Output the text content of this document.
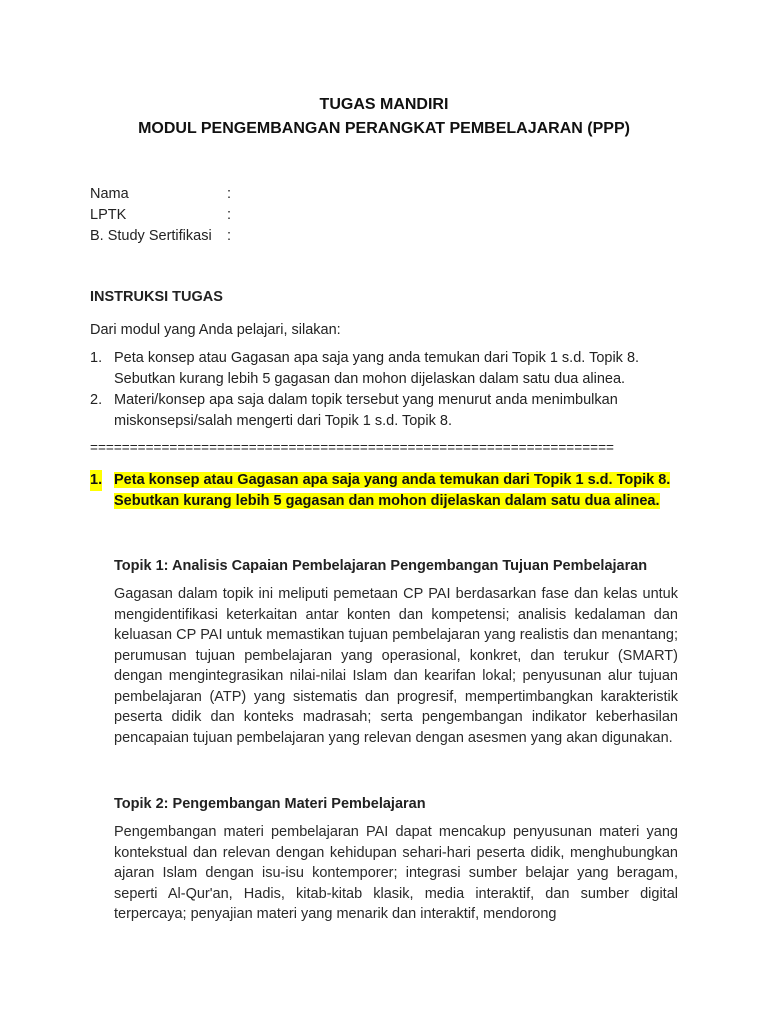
TUGAS MANDIRI
MODUL PENGEMBANGAN PERANGKAT PEMBELAJARAN (PPP)
Nama	:
LPTK	:
B. Study Sertifikasi :
INSTRUKSI TUGAS
Dari modul yang Anda pelajari, silakan:
1. Peta konsep atau Gagasan apa saja yang anda temukan dari Topik 1 s.d. Topik 8. Sebutkan kurang lebih 5 gagasan dan mohon dijelaskan dalam satu dua alinea.
2. Materi/konsep apa saja dalam topik tersebut yang menurut anda menimbulkan miskonsepsi/salah mengerti dari Topik 1 s.d. Topik 8.
==================================================================
1. Peta konsep atau Gagasan apa saja yang anda temukan dari Topik 1 s.d. Topik 8. Sebutkan kurang lebih 5 gagasan dan mohon dijelaskan dalam satu dua alinea.
Topik 1: Analisis Capaian Pembelajaran Pengembangan Tujuan Pembelajaran
Gagasan dalam topik ini meliputi pemetaan CP PAI berdasarkan fase dan kelas untuk mengidentifikasi keterkaitan antar konten dan kompetensi; analisis kedalaman dan keluasan CP PAI untuk memastikan tujuan pembelajaran yang realistis dan menantang; perumusan tujuan pembelajaran yang operasional, konkret, dan terukur (SMART) dengan mengintegrasikan nilai-nilai Islam dan kearifan lokal; penyusunan alur tujuan pembelajaran (ATP) yang sistematis dan progresif, mempertimbangkan karakteristik peserta didik dan konteks madrasah; serta pengembangan indikator keberhasilan pencapaian tujuan pembelajaran yang relevan dengan asesmen yang akan digunakan.
Topik 2: Pengembangan Materi Pembelajaran
Pengembangan materi pembelajaran PAI dapat mencakup penyusunan materi yang kontekstual dan relevan dengan kehidupan sehari-hari peserta didik, menghubungkan ajaran Islam dengan isu-isu kontemporer; integrasi sumber belajar yang beragam, seperti Al-Qur'an, Hadis, kitab-kitab klasik, media interaktif, dan sumber digital terpercaya; penyajian materi yang menarik dan interaktif, mendorong
